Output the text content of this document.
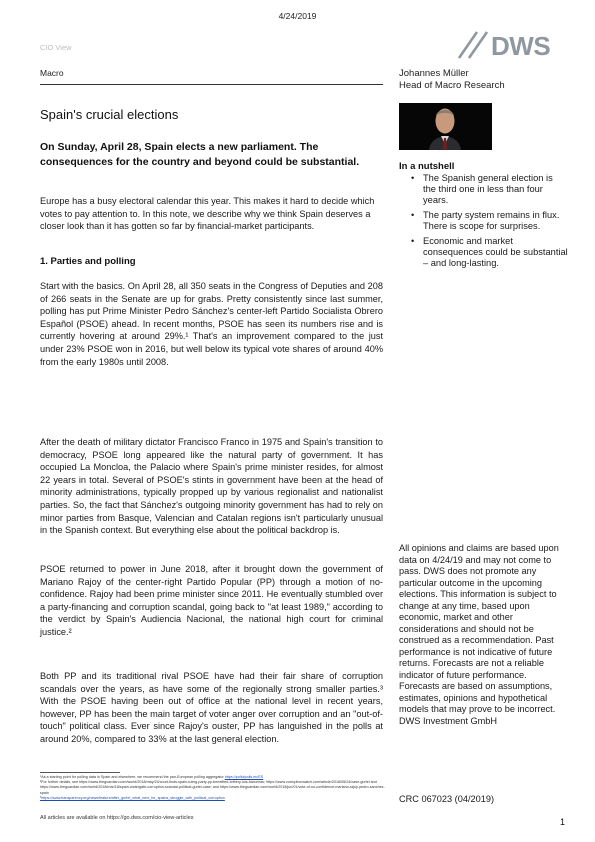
4/24/2019
CIO View	DWS
Macro	Johannes Müller
Head of Macro Research
Spain's crucial elections
On Sunday, April 28, Spain elects a new parliament. The consequences for the country and beyond could be substantial.

Europe has a busy electoral calendar this year. This makes it hard to decide which votes to pay attention to. In this note, we describe why we think Spain deserves a closer look than it has gotten so far by financial-market participants.

1. Parties and polling

Start with the basics. On April 28, all 350 seats in the Congress of Deputies and 208 of 266 seats in the Senate are up for grabs. Pretty consistently since last summer, polling has put Prime Minister Pedro Sánchez's center-left Partido Socialista Obrero Español (PSOE) ahead. In recent months, PSOE has seen its numbers rise and is currently hovering at around 29%.¹ That's an improvement compared to the just under 23% PSOE won in 2016, but well below its typical vote shares of around 40% from the early 1980s until 2008.

After the death of military dictator Francisco Franco in 1975 and Spain's transition to democracy, PSOE long appeared like the natural party of government. It has occupied La Moncloa, the Palacio where Spain's prime minister resides, for almost 22 years in total. Several of PSOE's stints in government have been at the head of minority administrations, typically propped up by various regionalist and nationalist parties. So, the fact that Sánchez's outgoing minority government has had to rely on minor parties from Basque, Valencian and Catalan regions isn't particularly unusual in the Spanish context. But everything else about the political backdrop is.

PSOE returned to power in June 2018, after it brought down the government of Mariano Rajoy of the center-right Partido Popular (PP) through a motion of no-confidence. Rajoy had been prime minister since 2011. He eventually stumbled over a party-financing and corruption scandal, going back to "at least 1989," according to the verdict by Spain's Audiencia Nacional, the national high court for criminal justice.²

Both PP and its traditional rival PSOE have had their fair share of corruption scandals over the years, as have some of the regionally strong smaller parties.³ With the PSOE having been out of office at the national level in recent years, however, PP has been the main target of voter anger over corruption and an "out-of-touch" political class. Ever since Rajoy's ouster, PP has languished in the polls at around 20%, compared to 33% at the last general election.

In a nutshell
• The Spanish general election is the third one in less than four years.
• The party system remains in flux. There is scope for surprises.
• Economic and market consequences could be substantial – and long-lasting.
All opinions and claims are based upon data on 4/24/19 and may not come to pass. DWS does not promote any particular outcome in the upcoming elections. This information is subject to change at any time, based upon economic, market and other considerations and should not be construed as a recommendation. Past performance is not indicative of future returns. Forecasts are not a reliable indicator of future performance. Forecasts are based on assumptions, estimates, opinions and hypothetical models that may prove to be incorrect. DWS Investment GmbH
CRC 067023 (04/2019)
¹As a starting point for polling data in Spain and elsewhere, we recommend the pan-European polling aggregator https://pollofpolls.eu/ES
²For further details, see https://www.theguardian.com/world/2018/may/24/court-finds-spain-ruling-party-pp-benefited-bribery-luis-barcenas; https://www.corruptionwatch.com/article/2018/05/24/case-gurtel and https://www.theguardian.com/world/2018/mar/18/spain-watergate-corruption-scandal-political-gurtel-case; and https://www.theguardian.com/world/2018/jun/01/vote-of-no-confidence-mariano-rajoy-pedro-sanchez-spain
³https://www.transparency.org/news/feature/after_gurtel_what_next_for_spains_struggle_with_political_corruption
All articles are available on https://go.dws.com/cio-view-articles	1
